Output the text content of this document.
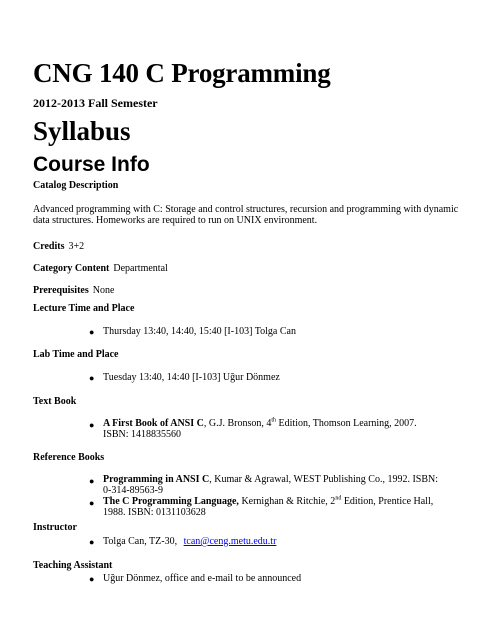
CNG 140 C Programming
2012-2013 Fall Semester
Syllabus
Course Info
Catalog Description
Advanced programming with C: Storage and control structures, recursion and programming with dynamic data structures. Homeworks are required to run on UNIX environment.
Credits 3+2
Category Content Departmental
Prerequisites None
Lecture Time and Place
● Thursday 13:40, 14:40, 15:40 [I-103] Tolga Can
Lab Time and Place
● Tuesday 13:40, 14:40 [I-103] Uğur Dönmez
Text Book
● A First Book of ANSI C, G.J. Bronson, 4th Edition, Thomson Learning, 2007.
ISBN: 1418835560
Reference Books
● Programming in ANSI C, Kumar & Agrawal, WEST Publishing Co., 1992. ISBN:
0-314-89563-9
● The C Programming Language, Kernighan & Ritchie, 2nd Edition, Prentice Hall,
1988. ISBN: 0131103628
Instructor
● Tolga Can, TZ-30, tcan@ceng.metu.edu.tr
Teaching Assistant
● Uğur Dönmez, office and e-mail to be announced
